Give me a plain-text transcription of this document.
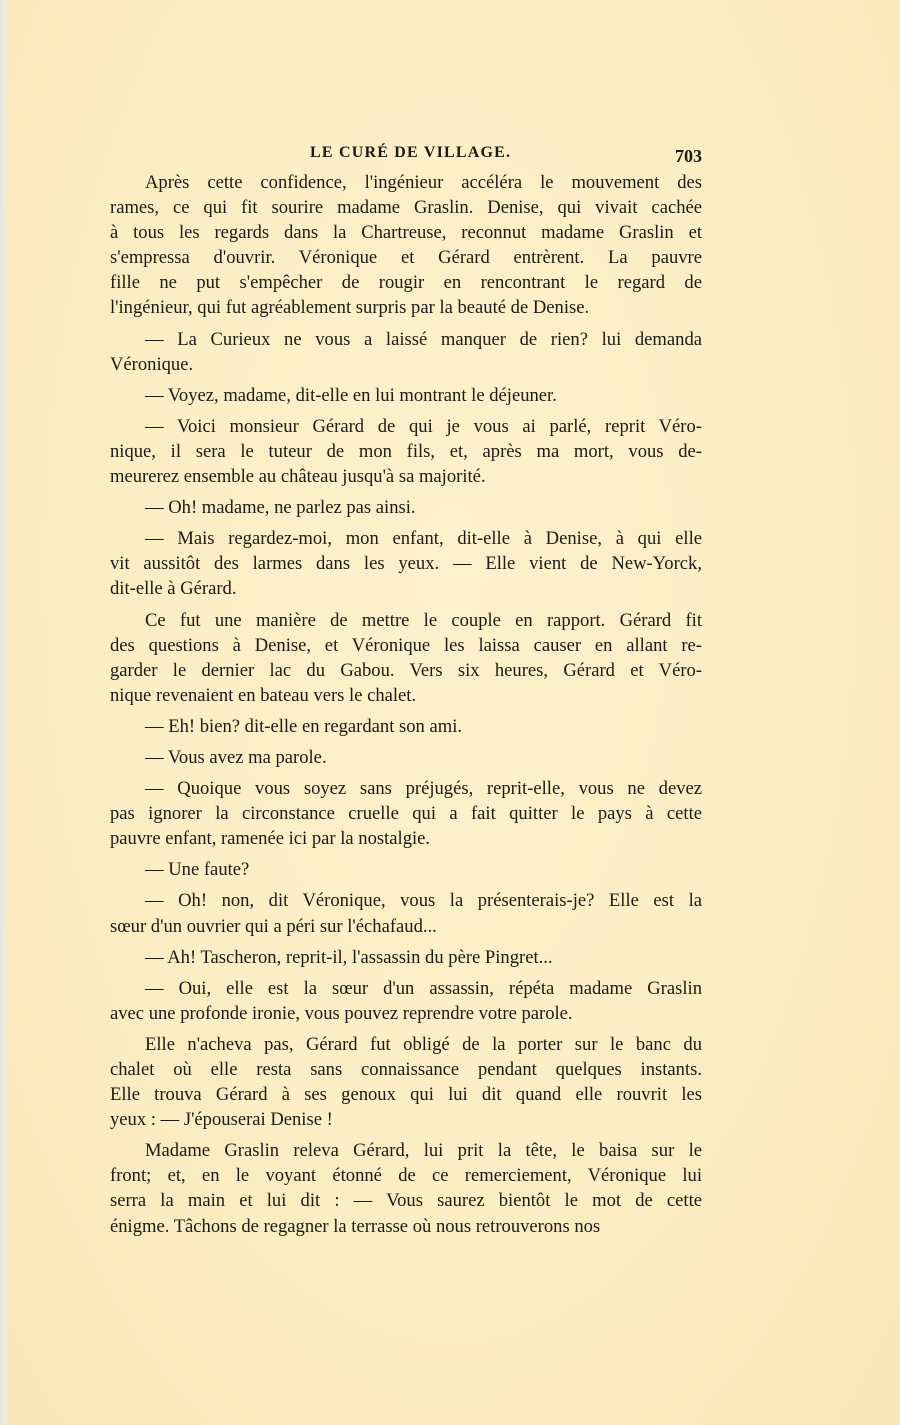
LE CURÉ DE VILLAGE.	703
Après cette confidence, l'ingénieur accéléra le mouvement des
rames, ce qui fit sourire madame Graslin. Denise, qui vivait cachée
à tous les regards dans la Chartreuse, reconnut madame Graslin et
s'empressa d'ouvrir. Véronique et Gérard entrèrent. La pauvre
fille ne put s'empêcher de rougir en rencontrant le regard de
l'ingénieur, qui fut agréablement surpris par la beauté de Denise.
— La Curieux ne vous a laissé manquer de rien? lui demanda
Véronique.
— Voyez, madame, dit-elle en lui montrant le déjeuner.
— Voici monsieur Gérard de qui je vous ai parlé, reprit Véro-
nique, il sera le tuteur de mon fils, et, après ma mort, vous de-
meurerez ensemble au château jusqu'à sa majorité.
— Oh! madame, ne parlez pas ainsi.
— Mais regardez-moi, mon enfant, dit-elle à Denise, à qui elle
vit aussitôt des larmes dans les yeux. — Elle vient de New-Yorck,
dit-elle à Gérard.
Ce fut une manière de mettre le couple en rapport. Gérard fit
des questions à Denise, et Véronique les laissa causer en allant re-
garder le dernier lac du Gabou. Vers six heures, Gérard et Véro-
nique revenaient en bateau vers le chalet.
— Eh! bien? dit-elle en regardant son ami.
— Vous avez ma parole.
— Quoique vous soyez sans préjugés, reprit-elle, vous ne devez
pas ignorer la circonstance cruelle qui a fait quitter le pays à cette
pauvre enfant, ramenée ici par la nostalgie.
— Une faute?
— Oh! non, dit Véronique, vous la présenterais-je? Elle est la
sœur d'un ouvrier qui a péri sur l'échafaud...
— Ah! Tascheron, reprit-il, l'assassin du père Pingret...
— Oui, elle est la sœur d'un assassin, répéta madame Graslin
avec une profonde ironie, vous pouvez reprendre votre parole.
Elle n'acheva pas, Gérard fut obligé de la porter sur le banc du
chalet où elle resta sans connaissance pendant quelques instants.
Elle trouva Gérard à ses genoux qui lui dit quand elle rouvrit les
yeux : — J'épouserai Denise !
Madame Graslin releva Gérard, lui prit la tête, le baisa sur le
front; et, en le voyant étonné de ce remerciement, Véronique lui
serra la main et lui dit : — Vous saurez bientôt le mot de cette
énigme. Tâchons de regagner la terrasse où nous retrouverons nos
